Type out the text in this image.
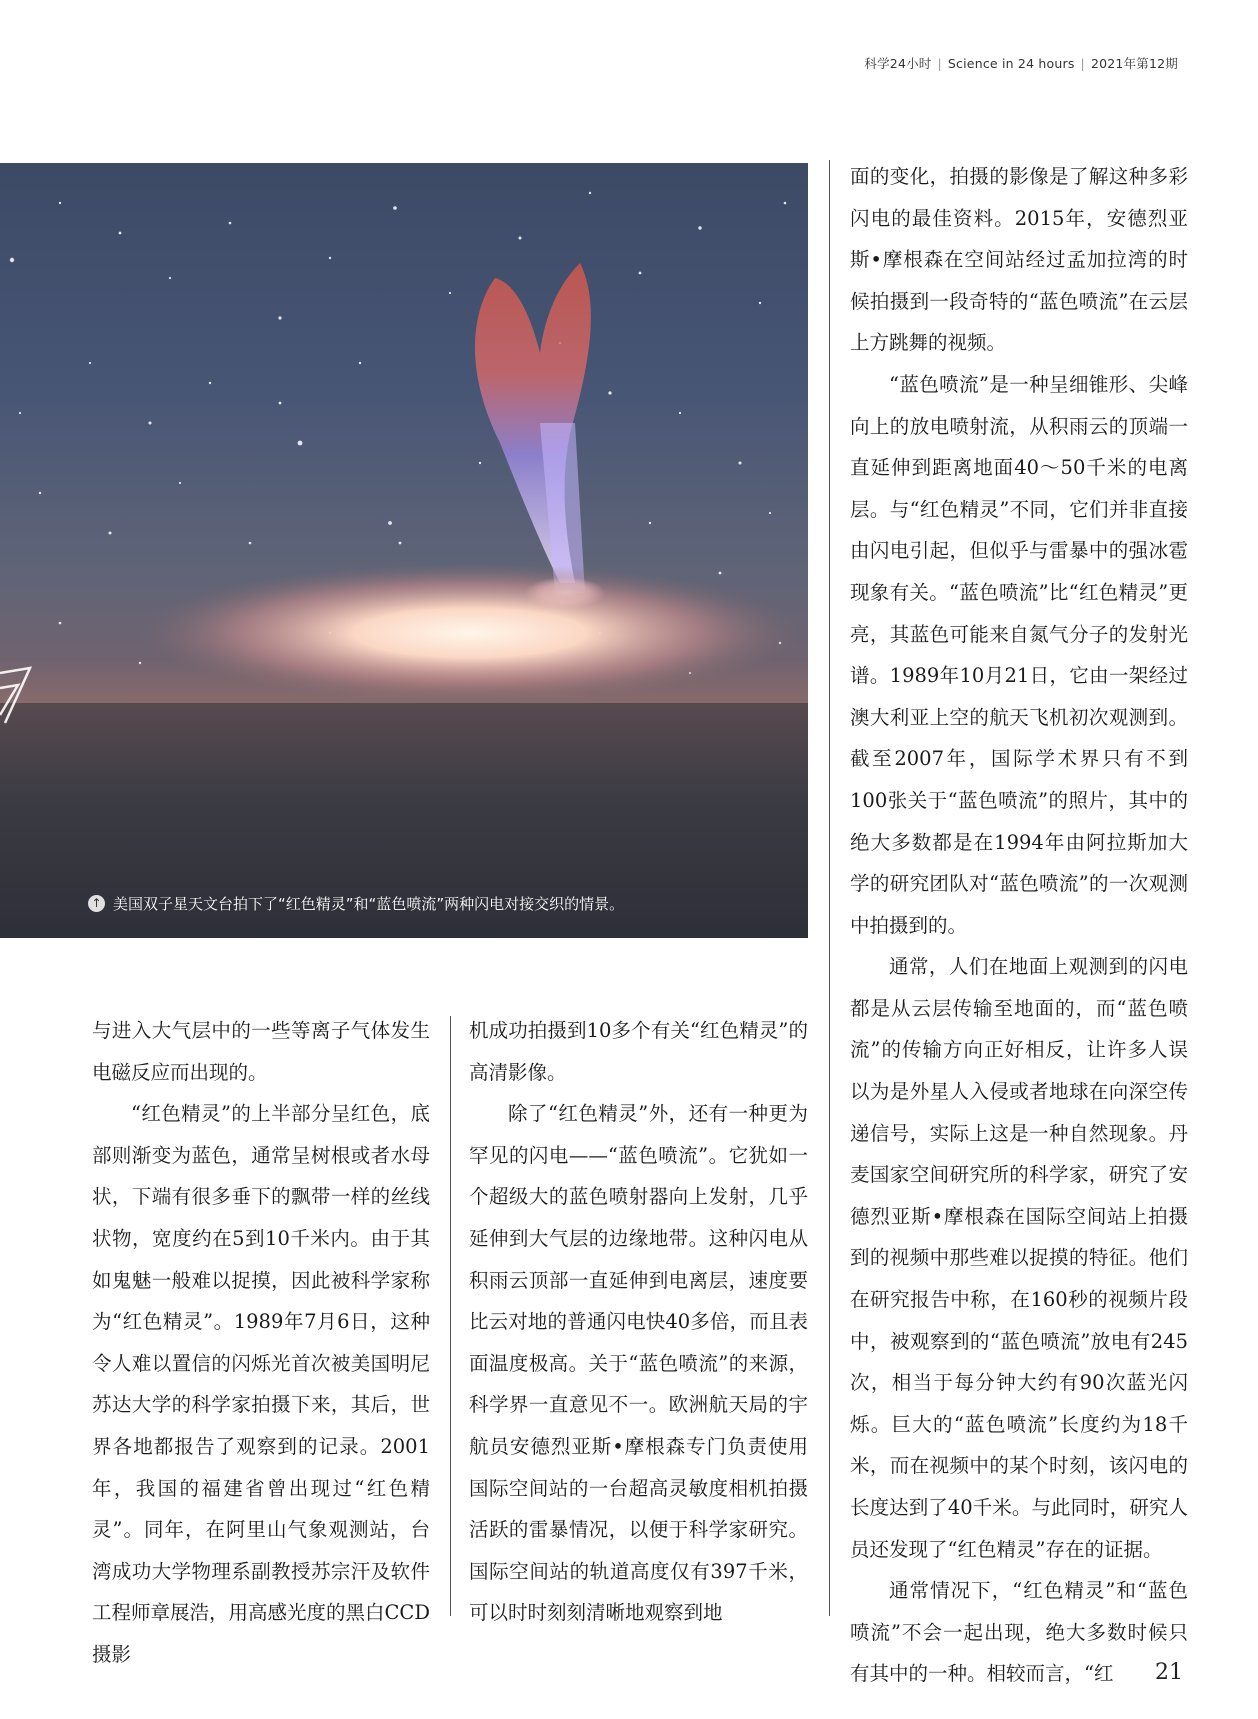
科学24小时 | Science in 24 hours | 2021年第12期
↑ 美国双子星天文台拍下了“红色精灵”和“蓝色喷流”两种闪电对接交织的情景。

与进入大气层中的一些等离子气体发生电磁反应而出现的。

“红色精灵”的上半部分呈红色，底部则渐变为蓝色，通常呈树根或者水母状，下端有很多垂下的飘带一样的丝线状物，宽度约在5到10千米内。由于其如鬼魅一般难以捉摸，因此被科学家称为“红色精灵”。1989年7月6日，这种令人难以置信的闪烁光首次被美国明尼苏达大学的科学家拍摄下来，其后，世界各地都报告了观察到的记录。2001年，我国的福建省曾出现过“红色精灵”。同年，在阿里山气象观测站，台湾成功大学物理系副教授苏宗汗及软件工程师章展浩，用高感光度的黑白CCD摄影

机成功拍摄到10多个有关“红色精灵”的高清影像。

除了“红色精灵”外，还有一种更为罕见的闪电——“蓝色喷流”。它犹如一个超级大的蓝色喷射器向上发射，几乎延伸到大气层的边缘地带。这种闪电从积雨云顶部一直延伸到电离层，速度要比云对地的普通闪电快40多倍，而且表面温度极高。关于“蓝色喷流”的来源，科学界一直意见不一。欧洲航天局的宇航员安德烈亚斯•摩根森专门负责使用国际空间站的一台超高灵敏度相机拍摄活跃的雷暴情况，以便于科学家研究。国际空间站的轨道高度仅有397千米，可以时时刻刻清晰地观察到地

面的变化，拍摄的影像是了解这种多彩闪电的最佳资料。2015年，安德烈亚斯•摩根森在空间站经过孟加拉湾的时候拍摄到一段奇特的“蓝色喷流”在云层上方跳舞的视频。

“蓝色喷流”是一种呈细锥形、尖峰向上的放电喷射流，从积雨云的顶端一直延伸到距离地面40～50千米的电离层。与“红色精灵”不同，它们并非直接由闪电引起，但似乎与雷暴中的强冰雹现象有关。“蓝色喷流”比“红色精灵”更亮，其蓝色可能来自氮气分子的发射光谱。1989年10月21日，它由一架经过澳大利亚上空的航天飞机初次观测到。截至2007年，国际学术界只有不到100张关于“蓝色喷流”的照片，其中的绝大多数都是在1994年由阿拉斯加大学的研究团队对“蓝色喷流”的一次观测中拍摄到的。

通常，人们在地面上观测到的闪电都是从云层传输至地面的，而“蓝色喷流”的传输方向正好相反，让许多人误以为是外星人入侵或者地球在向深空传递信号，实际上这是一种自然现象。丹麦国家空间研究所的科学家，研究了安德烈亚斯•摩根森在国际空间站上拍摄到的视频中那些难以捉摸的特征。他们在研究报告中称，在160秒的视频片段中，被观察到的“蓝色喷流”放电有245次，相当于每分钟大约有90次蓝光闪烁。巨大的“蓝色喷流”长度约为18千米，而在视频中的某个时刻，该闪电的长度达到了40千米。与此同时，研究人员还发现了“红色精灵”存在的证据。

通常情况下，“红色精灵”和“蓝色喷流”不会一起出现，绝大多数时候只有其中的一种。相较而言，“红	21
